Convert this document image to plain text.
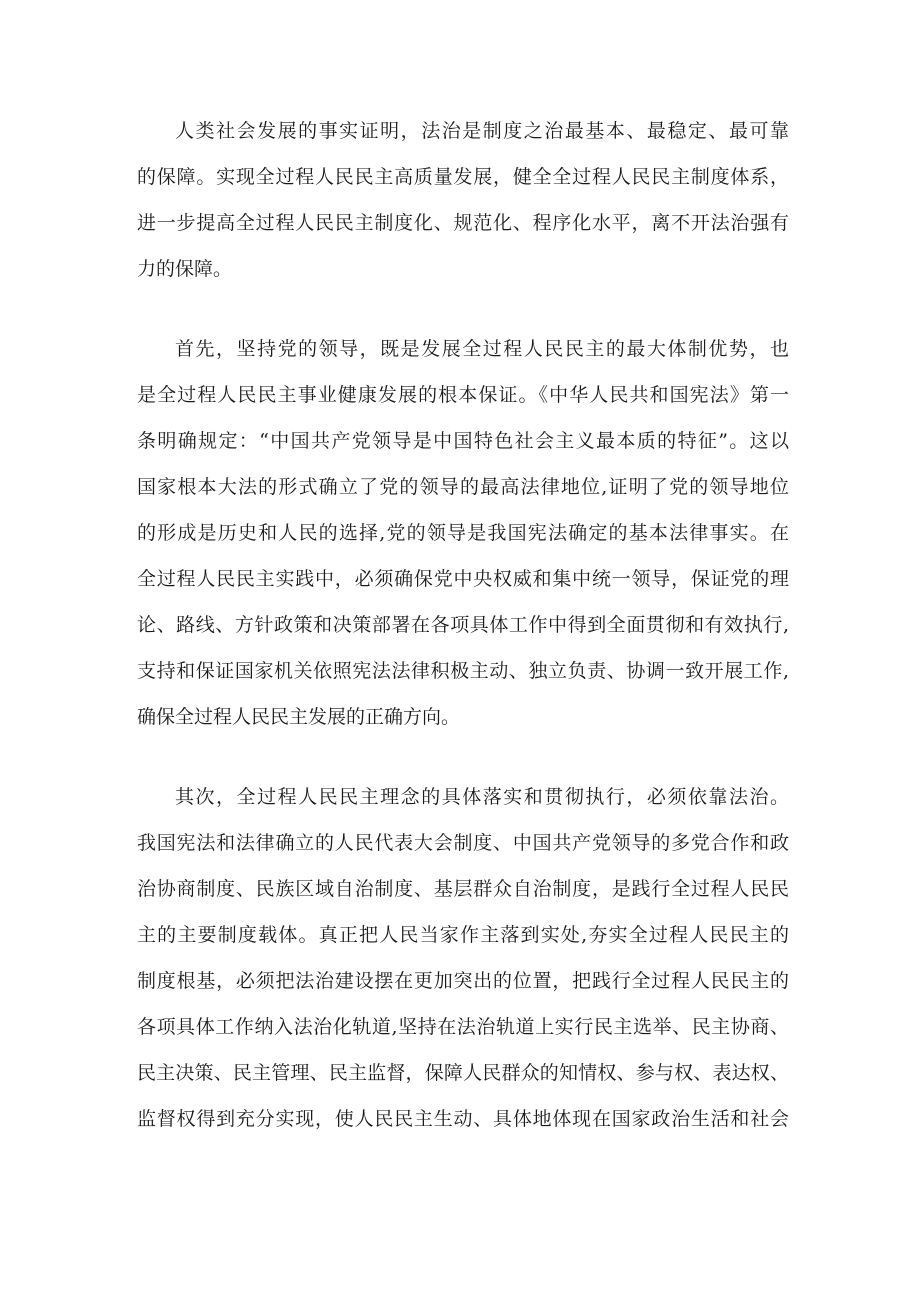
人类社会发展的事实证明，法治是制度之治最基本、最稳定、最可靠
的保障。实现全过程人民民主高质量发展，健全全过程人民民主制度体系，
进一步提高全过程人民民主制度化、规范化、程序化水平，离不开法治强有
力的保障。
首先，坚持党的领导，既是发展全过程人民民主的最大体制优势，也
是全过程人民民主事业健康发展的根本保证。《中华人民共和国宪法》第一
条明确规定：“中国共产党领导是中国特色社会主义最本质的特征”。这以
国家根本大法的形式确立了党的领导的最高法律地位,证明了党的领导地位
的形成是历史和人民的选择,党的领导是我国宪法确定的基本法律事实。在
全过程人民民主实践中，必须确保党中央权威和集中统一领导，保证党的理
论、路线、方针政策和决策部署在各项具体工作中得到全面贯彻和有效执行,
支持和保证国家机关依照宪法法律积极主动、独立负责、协调一致开展工作,
确保全过程人民民主发展的正确方向。
其次，全过程人民民主理念的具体落实和贯彻执行，必须依靠法治。
我国宪法和法律确立的人民代表大会制度、中国共产党领导的多党合作和政
治协商制度、民族区域自治制度、基层群众自治制度，是践行全过程人民民
主的主要制度载体。真正把人民当家作主落到实处,夯实全过程人民民主的
制度根基，必须把法治建设摆在更加突出的位置，把践行全过程人民民主的
各项具体工作纳入法治化轨道,坚持在法治轨道上实行民主选举、民主协商、
民主决策、民主管理、民主监督，保障人民群众的知情权、参与权、表达权、
监督权得到充分实现，使人民民主生动、具体地体现在国家政治生活和社会
